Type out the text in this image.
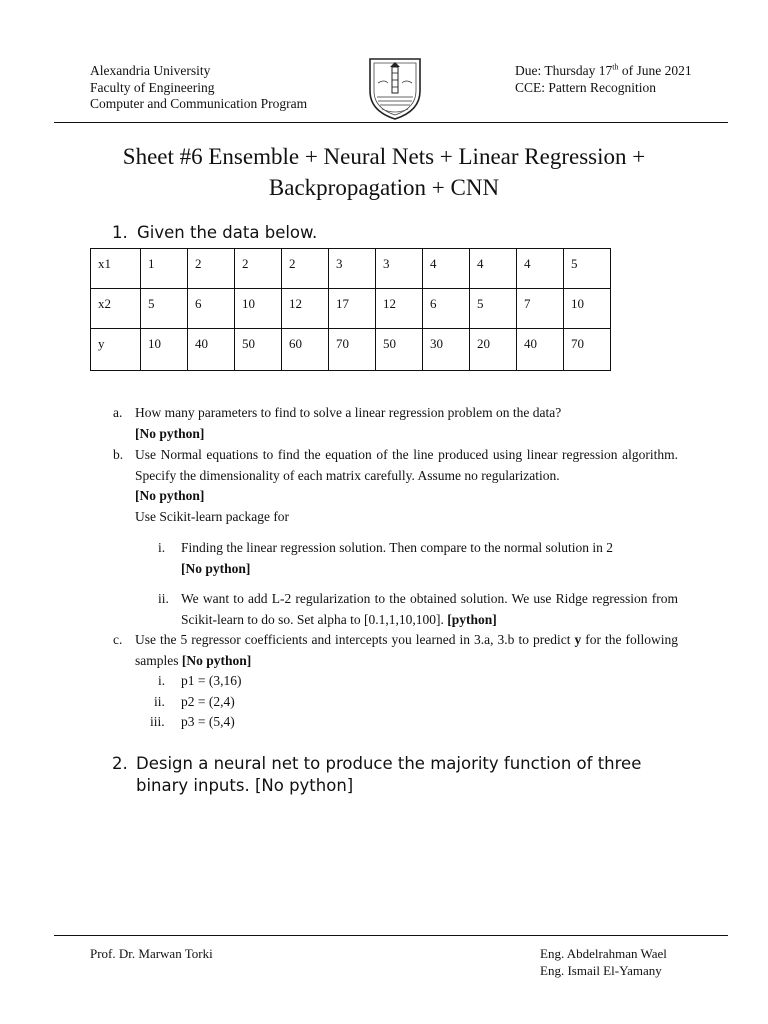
Alexandria University
Faculty of Engineering
Computer and Communication Program
Due: Thursday 17th of June 2021
CCE: Pattern Recognition
Sheet #6 Ensemble + Neural Nets + Linear Regression +
Backpropagation + CNN
1. Given the data below.
x1	1	2	2	2	3	3	4	4	4	5
x2	5	6	10	12	17	12	6	5	7	10
y	10	40	50	60	70	50	30	20	40	70
a. How many parameters to find to solve a linear regression problem on the data?
[No python]
b. Use Normal equations to find the equation of the line produced using linear regression algorithm. Specify the dimensionality of each matrix carefully. Assume no regularization.
[No python]
Use Scikit-learn package for
i. Finding the linear regression solution. Then compare to the normal solution in 2
[No python]
ii. We want to add L-2 regularization to the obtained solution. We use Ridge regression from Scikit-learn to do so. Set alpha to [0.1,1,10,100]. [python]
c. Use the 5 regressor coefficients and intercepts you learned in 3.a, 3.b to predict y for the following samples [No python]
i. p1 = (3,16)
ii. p2 = (2,4)
iii. p3 = (5,4)
2. Design a neural net to produce the majority function of three binary inputs. [No python]
Prof. Dr. Marwan Torki	Eng. Abdelrahman Wael
Eng. Ismail El-Yamany
